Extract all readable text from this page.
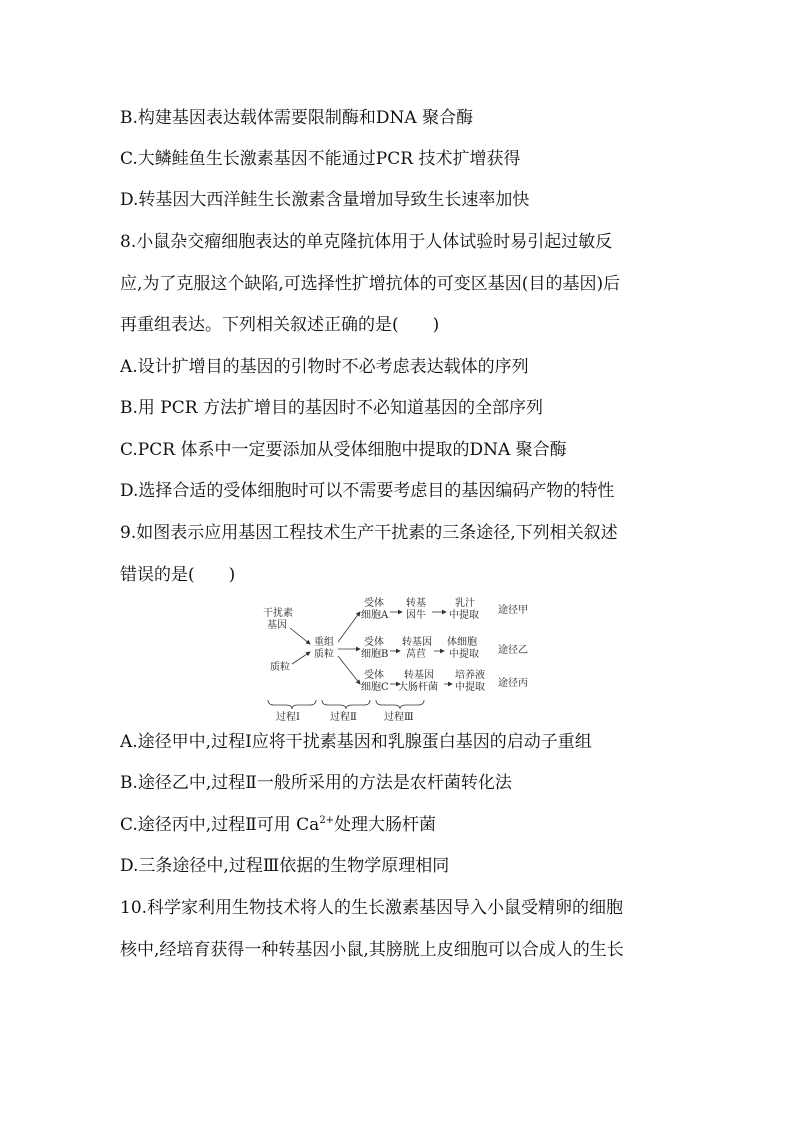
B.构建基因表达载体需要限制酶和DNA 聚合酶
C.大鳞鲑鱼生长激素基因不能通过PCR 技术扩增获得
D.转基因大西洋鲑生长激素含量增加导致生长速率加快
8.小鼠杂交瘤细胞表达的单克隆抗体用于人体试验时易引起过敏反
应,为了克服这个缺陷,可选择性扩增抗体的可变区基因(目的基因)后
再重组表达。下列相关叙述正确的是( )
A.设计扩增目的基因的引物时不必考虑表达载体的序列
B.用 PCR 方法扩增目的基因时不必知道基因的全部序列
C.PCR 体系中一定要添加从受体细胞中提取的DNA 聚合酶
D.选择合适的受体细胞时可以不需要考虑目的基因编码产物的特性
9.如图表示应用基因工程技术生产干扰素的三条途径,下列相关叙述
错误的是( )
A.途径甲中,过程Ⅰ应将干扰素基因和乳腺蛋白基因的启动子重组
B.途径乙中,过程Ⅱ一般所采用的方法是农杆菌转化法
C.途径丙中,过程Ⅱ可用 $Ca^{2+}$处理大肠杆菌
D.三条途径中,过程Ⅲ依据的生物学原理相同
10.科学家利用生物技术将人的生长激素基因导入小鼠受精卵的细胞
核中,经培育获得一种转基因小鼠,其膀胱上皮细胞可以合成人的生长
干扰素
基因
质粒
重组
质粒
受体
细胞A
受体
细胞B
受体
细胞C
转基
因牛
转基因
莴苣
转基因
大肠杆菌
乳汁
中提取
体细胞
中提取
培养液
中提取
途径甲
途径乙
途径丙
过程Ⅰ	过程Ⅱ	过程Ⅲ
